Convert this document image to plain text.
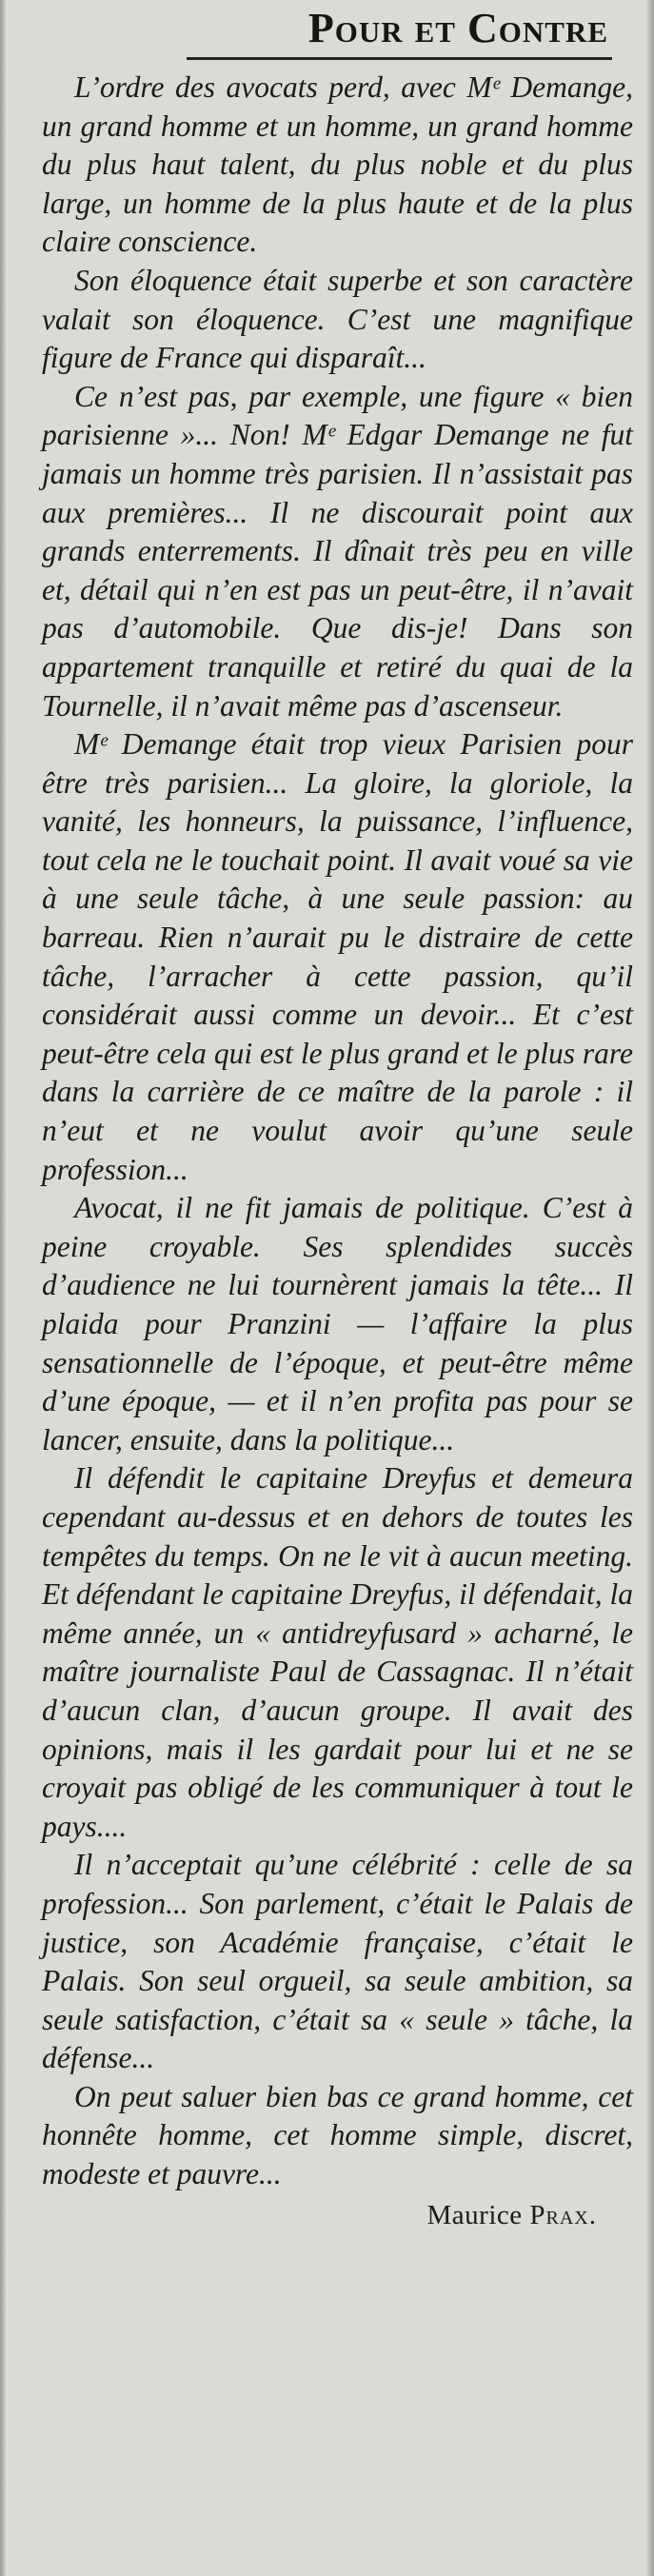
Pour et Contre

L’ordre des avocats perd, avec Mᵉ Demange, un grand homme et un homme, un grand homme du plus haut talent, du plus noble et du plus large, un homme de la plus haute et de la plus claire conscience.

Son éloquence était superbe et son caractère valait son éloquence. C’est une magnifique figure de France qui disparaît...

Ce n’est pas, par exemple, une figure « bien parisienne »... Non! Mᵉ Edgar Demange ne fut jamais un homme très parisien. Il n’assistait pas aux premières... Il ne discourait point aux grands enterrements. Il dînait très peu en ville et, détail qui n’en est pas un peut-être, il n’avait pas d’automobile. Que dis-je! Dans son appartement tranquille et retiré du quai de la Tournelle, il n’avait même pas d’ascenseur.

Mᵉ Demange était trop vieux Parisien pour être très parisien... La gloire, la gloriole, la vanité, les honneurs, la puissance, l’influence, tout cela ne le touchait point. Il avait voué sa vie à une seule tâche, à une seule passion: au barreau. Rien n’aurait pu le distraire de cette tâche, l’arracher à cette passion, qu’il considérait aussi comme un devoir... Et c’est peut-être cela qui est le plus grand et le plus rare dans la carrière de ce maître de la parole : il n’eut et ne voulut avoir qu’une seule profession...

Avocat, il ne fit jamais de politique. C’est à peine croyable. Ses splendides succès d’audience ne lui tournèrent jamais la tête... Il plaida pour Pranzini — l’affaire la plus sensationnelle de l’époque, et peut-être même d’une époque, — et il n’en profita pas pour se lancer, ensuite, dans la politique...

Il défendit le capitaine Dreyfus et demeura cependant au-dessus et en dehors de toutes les tempêtes du temps. On ne le vit à aucun meeting. Et défendant le capitaine Dreyfus, il défendait, la même année, un « antidreyfusard » acharné, le maître journaliste Paul de Cassagnac. Il n’était d’aucun clan, d’aucun groupe. Il avait des opinions, mais il les gardait pour lui et ne se croyait pas obligé de les communiquer à tout le pays....

Il n’acceptait qu’une célébrité : celle de sa profession... Son parlement, c’était le Palais de justice, son Académie française, c’était le Palais. Son seul orgueil, sa seule ambition, sa seule satisfaction, c’était sa « seule » tâche, la défense...

On peut saluer bien bas ce grand homme, cet honnête homme, cet homme simple, discret, modeste et pauvre...

Maurice Prax.
